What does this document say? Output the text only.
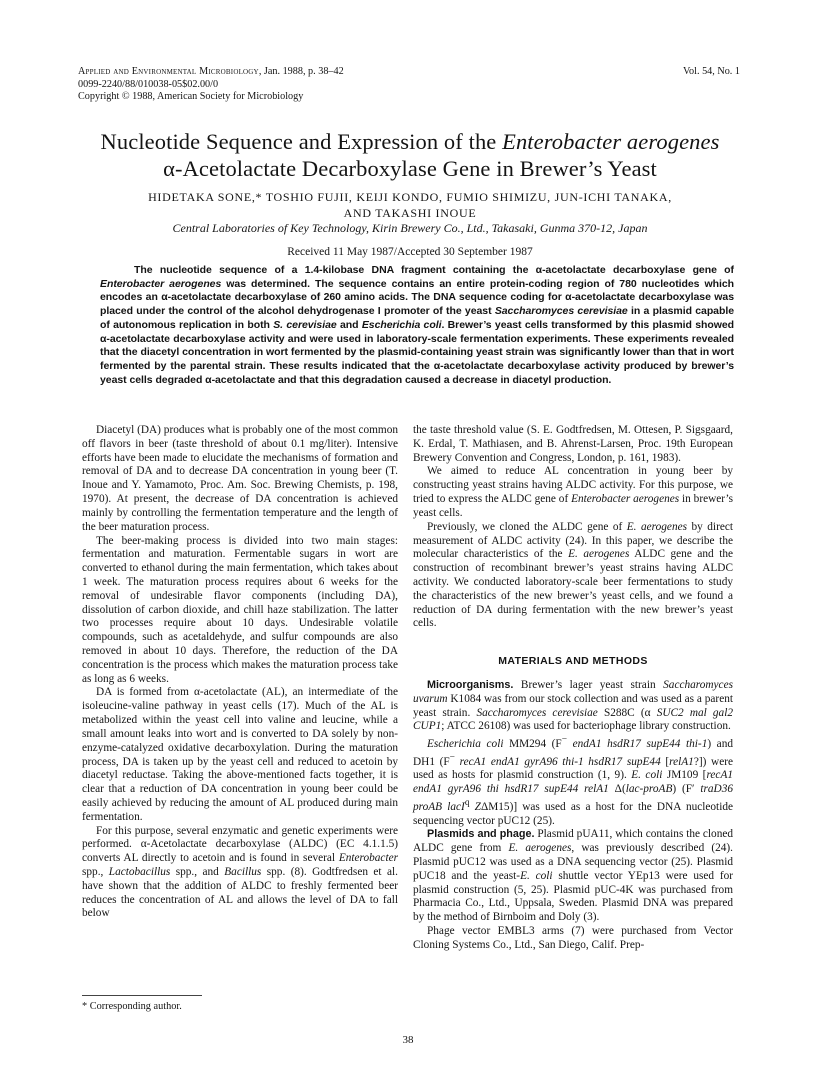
Applied and Environmental Microbiology, Jan. 1988, p. 38–42
0099-2240/88/010038-05$02.00/0
Copyright © 1988, American Society for Microbiology
Vol. 54, No. 1
Nucleotide Sequence and Expression of the Enterobacter aerogenes
α-Acetolactate Decarboxylase Gene in Brewer’s Yeast
HIDETAKA SONE,* TOSHIO FUJII, KEIJI KONDO, FUMIO SHIMIZU, JUN-ICHI TANAKA,
AND TAKASHI INOUE
Central Laboratories of Key Technology, Kirin Brewery Co., Ltd., Takasaki, Gunma 370-12, Japan
Received 11 May 1987/Accepted 30 September 1987
The nucleotide sequence of a 1.4-kilobase DNA fragment containing the α-acetolactate decarboxylase gene of Enterobacter aerogenes was determined. The sequence contains an entire protein-coding region of 780 nucleotides which encodes an α-acetolactate decarboxylase of 260 amino acids. The DNA sequence coding for α-acetolactate decarboxylase was placed under the control of the alcohol dehydrogenase I promoter of the yeast Saccharomyces cerevisiae in a plasmid capable of autonomous replication in both S. cerevisiae and Escherichia coli. Brewer’s yeast cells transformed by this plasmid showed α-acetolactate decarboxylase activity and were used in laboratory-scale fermentation experiments. These experiments revealed that the diacetyl concentration in wort fermented by the plasmid-containing yeast strain was significantly lower than that in wort fermented by the parental strain. These results indicated that the α-acetolactate decarboxylase activity produced by brewer’s yeast cells degraded α-acetolactate and that this degradation caused a decrease in diacetyl production.

Diacetyl (DA) produces what is probably one of the most common off flavors in beer (taste threshold of about 0.1 mg/liter). Intensive efforts have been made to elucidate the mechanisms of formation and removal of DA and to decrease DA concentration in young beer (T. Inoue and Y. Yamamoto, Proc. Am. Soc. Brewing Chemists, p. 198, 1970). At present, the decrease of DA concentration is achieved mainly by controlling the fermentation temperature and the length of the beer maturation process.

The beer-making process is divided into two main stages: fermentation and maturation. Fermentable sugars in wort are converted to ethanol during the main fermentation, which takes about 1 week. The maturation process requires about 6 weeks for the removal of undesirable flavor components (including DA), dissolution of carbon dioxide, and chill haze stabilization. The latter two processes require about 10 days. Undesirable volatile compounds, such as acetaldehyde, and sulfur compounds are also removed in about 10 days. Therefore, the reduction of the DA concentration is the process which makes the maturation process take as long as 6 weeks.

DA is formed from α-acetolactate (AL), an intermediate of the isoleucine-valine pathway in yeast cells (17). Much of the AL is metabolized within the yeast cell into valine and leucine, while a small amount leaks into wort and is converted to DA solely by non-enzyme-catalyzed oxidative decarboxylation. During the maturation process, DA is taken up by the yeast cell and reduced to acetoin by diacetyl reductase. Taking the above-mentioned facts together, it is clear that a reduction of DA concentration in young beer could be easily achieved by reducing the amount of AL produced during main fermentation.

For this purpose, several enzymatic and genetic experiments were performed. α-Acetolactate decarboxylase (ALDC) (EC 4.1.1.5) converts AL directly to acetoin and is found in several Enterobacter spp., Lactobacillus spp., and Bacillus spp. (8). Godtfredsen et al. have shown that the addition of ALDC to freshly fermented beer reduces the concentration of AL and allows the level of DA to fall below

the taste threshold value (S. E. Godtfredsen, M. Ottesen, P. Sigsgaard, K. Erdal, T. Mathiasen, and B. Ahrenst-Larsen, Proc. 19th European Brewery Convention and Congress, London, p. 161, 1983).

We aimed to reduce AL concentration in young beer by constructing yeast strains having ALDC activity. For this purpose, we tried to express the ALDC gene of Enterobacter aerogenes in brewer’s yeast cells.

Previously, we cloned the ALDC gene of E. aerogenes by direct measurement of ALDC activity (24). In this paper, we describe the molecular characteristics of the E. aerogenes ALDC gene and the construction of recombinant brewer’s yeast strains having ALDC activity. We conducted laboratory-scale beer fermentations to study the characteristics of the new brewer’s yeast cells, and we found a reduction of DA during fermentation with the new brewer’s yeast cells.

MATERIALS AND METHODS

Microorganisms. Brewer’s lager yeast strain Saccharomyces uvarum K1084 was from our stock collection and was used as a parent yeast strain. Saccharomyces cerevisiae S288C (α SUC2 mal gal2 CUP1; ATCC 26108) was used for bacteriophage library construction.

Escherichia coli MM294 (F− endA1 hsdR17 supE44 thi-1) and DH1 (F− recA1 endA1 gyrA96 thi-1 hsdR17 supE44 [relA1?]) were used as hosts for plasmid construction (1, 9). E. coli JM109 [recA1 endA1 gyrA96 thi hsdR17 supE44 relA1 Δ(lac-proAB) (F′ traD36 proAB lacI$^q$ ZΔM15)] was used as a host for the DNA nucleotide sequencing vector pUC12 (25).

Plasmids and phage. Plasmid pUA11, which contains the cloned ALDC gene from E. aerogenes, was previously described (24). Plasmid pUC12 was used as a DNA sequencing vector (25). Plasmid pUC18 and the yeast-E. coli shuttle vector YEp13 were used for plasmid construction (5, 25). Plasmid pUC-4K was purchased from Pharmacia Co., Ltd., Uppsala, Sweden. Plasmid DNA was prepared by the method of Birnboim and Doly (3).

Phage vector EMBL3 arms (7) were purchased from Vector Cloning Systems Co., Ltd., San Diego, Calif. Prep-

* Corresponding author.
38
